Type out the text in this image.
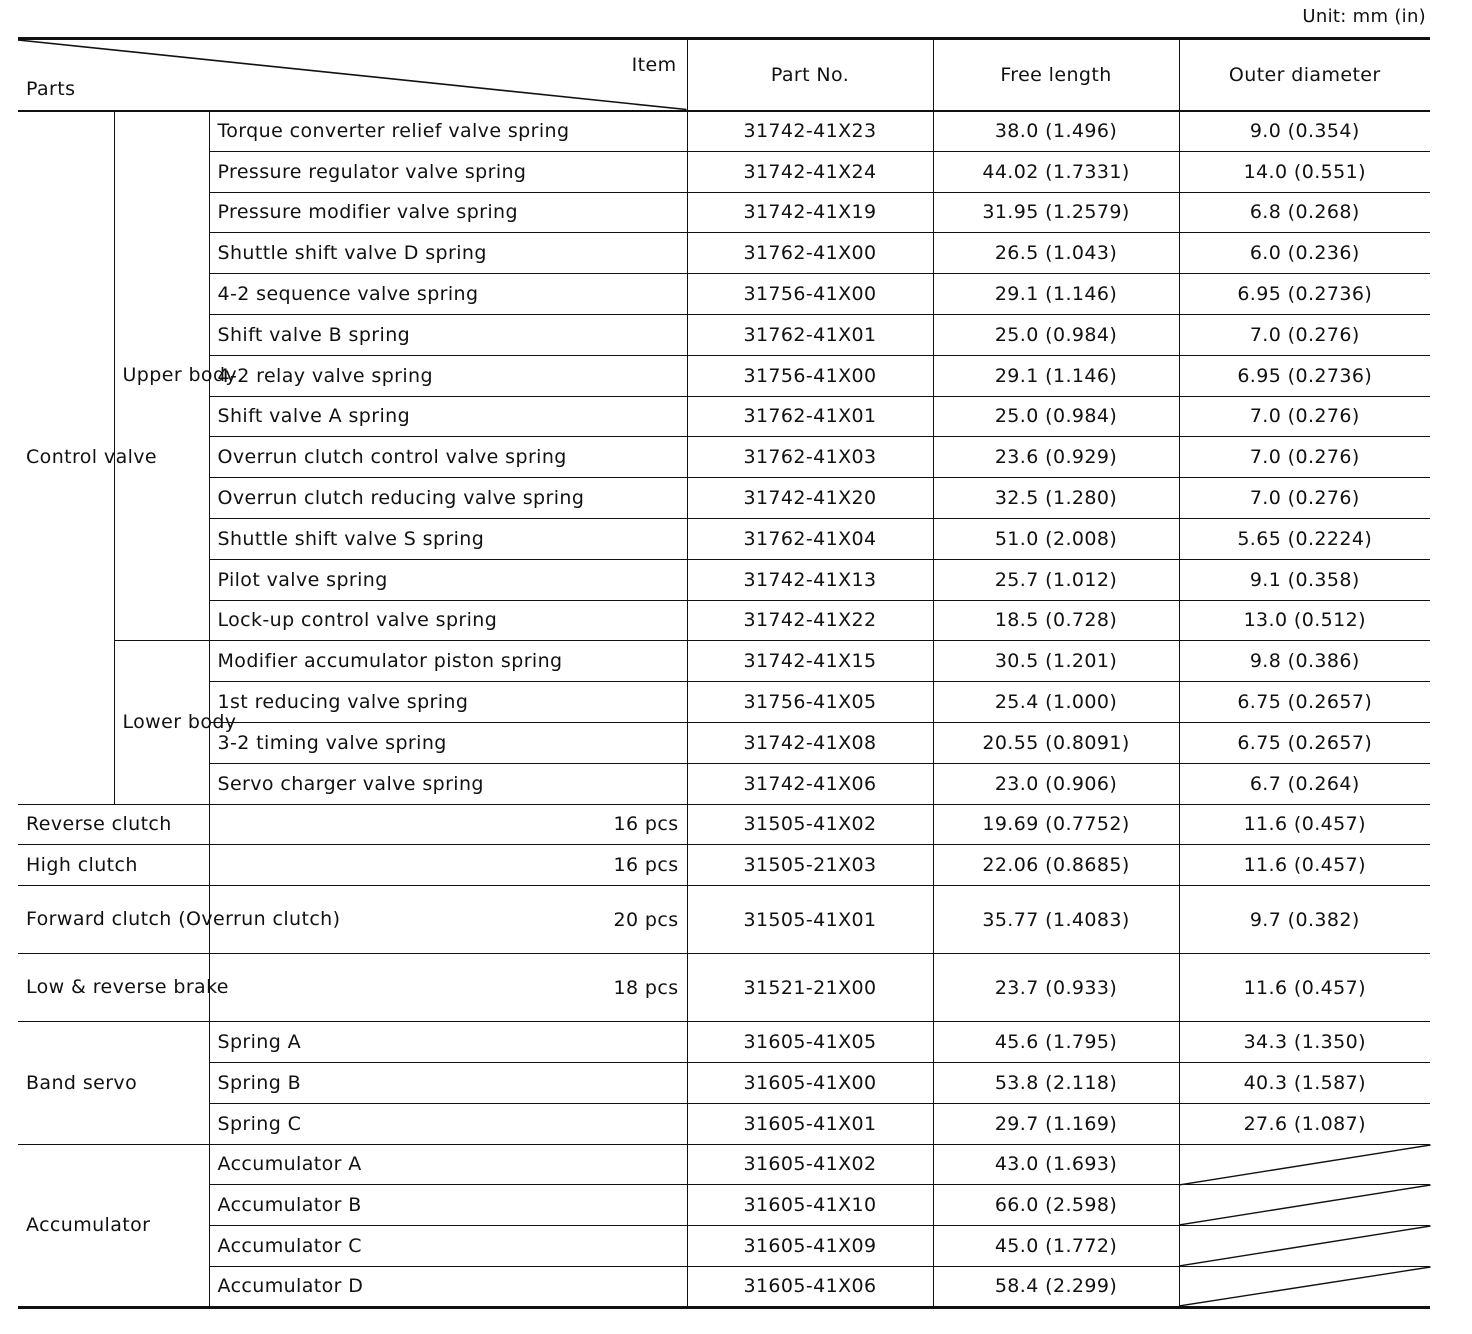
Unit: mm (in)
Item
Parts			Part No.	Free length	Outer diameter
Control valve	Upper body	Torque converter relief valve spring	31742-41X23	38.0 (1.496)	9.0 (0.354)
		Pressure regulator valve spring	31742-41X24	44.02 (1.7331)	14.0 (0.551)
		Pressure modifier valve spring	31742-41X19	31.95 (1.2579)	6.8 (0.268)
		Shuttle shift valve D spring	31762-41X00	26.5 (1.043)	6.0 (0.236)
		4-2 sequence valve spring	31756-41X00	29.1 (1.146)	6.95 (0.2736)
		Shift valve B spring	31762-41X01	25.0 (0.984)	7.0 (0.276)
		4-2 relay valve spring	31756-41X00	29.1 (1.146)	6.95 (0.2736)
		Shift valve A spring	31762-41X01	25.0 (0.984)	7.0 (0.276)
		Overrun clutch control valve spring	31762-41X03	23.6 (0.929)	7.0 (0.276)
		Overrun clutch reducing valve spring	31742-41X20	32.5 (1.280)	7.0 (0.276)
		Shuttle shift valve S spring	31762-41X04	51.0 (2.008)	5.65 (0.2224)
		Pilot valve spring	31742-41X13	25.7 (1.012)	9.1 (0.358)
		Lock-up control valve spring	31742-41X22	18.5 (0.728)	13.0 (0.512)
	Lower body	Modifier accumulator piston spring	31742-41X15	30.5 (1.201)	9.8 (0.386)
		1st reducing valve spring	31756-41X05	25.4 (1.000)	6.75 (0.2657)
		3-2 timing valve spring	31742-41X08	20.55 (0.8091)	6.75 (0.2657)
		Servo charger valve spring	31742-41X06	23.0 (0.906)	6.7 (0.264)
Reverse clutch		16 pcs	31505-41X02	19.69 (0.7752)	11.6 (0.457)
High clutch		16 pcs	31505-21X03	22.06 (0.8685)	11.6 (0.457)
Forward clutch (Overrun clutch)		20 pcs	31505-41X01	35.77 (1.4083)	9.7 (0.382)
Low & reverse brake		18 pcs	31521-21X00	23.7 (0.933)	11.6 (0.457)
Band servo		Spring A	31605-41X05	45.6 (1.795)	34.3 (1.350)
		Spring B	31605-41X00	53.8 (2.118)	40.3 (1.587)
		Spring C	31605-41X01	29.7 (1.169)	27.6 (1.087)
Accumulator		Accumulator A	31605-41X02	43.0 (1.693)	

		Accumulator B	31605-41X10	66.0 (2.598)	

		Accumulator C	31605-41X09	45.0 (1.772)	

		Accumulator D	31605-41X06	58.4 (2.299)	
